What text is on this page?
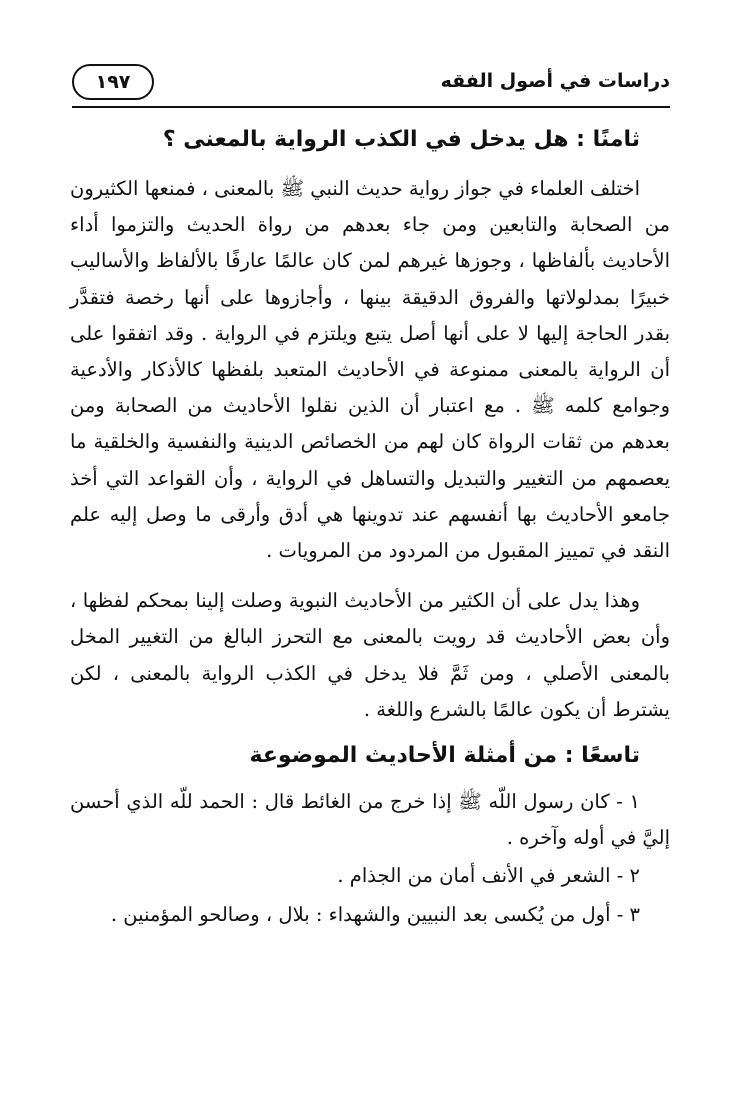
دراسات في أصول الفقه
١٩٧
ثامنًا : هل يدخل في الكذب الرواية بالمعنى ؟

اختلف العلماء في جواز رواية حديث النبي ﷺ بالمعنى ، فمنعها الكثيرون من الصحابة والتابعين ومن جاء بعدهم من رواة الحديث والتزموا أداء الأحاديث بألفاظها ، وجوزها غيرهم لمن كان عالمًا عارفًا بالألفاظ والأساليب خبيرًا بمدلولاتها والفروق الدقيقة بينها ، وأجازوها على أنها رخصة فتقدَّر بقدر الحاجة إليها لا على أنها أصل يتبع ويلتزم في الرواية . وقد اتفقوا على أن الرواية بالمعنى ممنوعة في الأحاديث المتعبد بلفظها كالأذكار والأدعية وجوامع كلمه ﷺ . مع اعتبار أن الذين نقلوا الأحاديث من الصحابة ومن بعدهم من ثقات الرواة كان لهم من الخصائص الدينية والنفسية والخلقية ما يعصمهم من التغيير والتبديل والتساهل في الرواية ، وأن القواعد التي أخذ جامعو الأحاديث بها أنفسهم عند تدوينها هي أدق وأرقى ما وصل إليه علم النقد في تمييز المقبول من المردود من المرويات .

وهذا يدل على أن الكثير من الأحاديث النبوية وصلت إلينا بمحكم لفظها ، وأن بعض الأحاديث قد رويت بالمعنى مع التحرز البالغ من التغيير المخل بالمعنى الأصلي ، ومن ثَمَّ فلا يدخل في الكذب الرواية بالمعنى ، لكن يشترط أن يكون عالمًا بالشرع واللغة .

تاسعًا : من أمثلة الأحاديث الموضوعة

١ - كان رسول اللّه ﷺ إذا خرج من الغائط قال : الحمد للّه الذي أحسن إليَّ في أوله وآخره .

٢ - الشعر في الأنف أمان من الجذام .

٣ - أول من يُكسى بعد النبيين والشهداء : بلال ، وصالحو المؤمنين .
